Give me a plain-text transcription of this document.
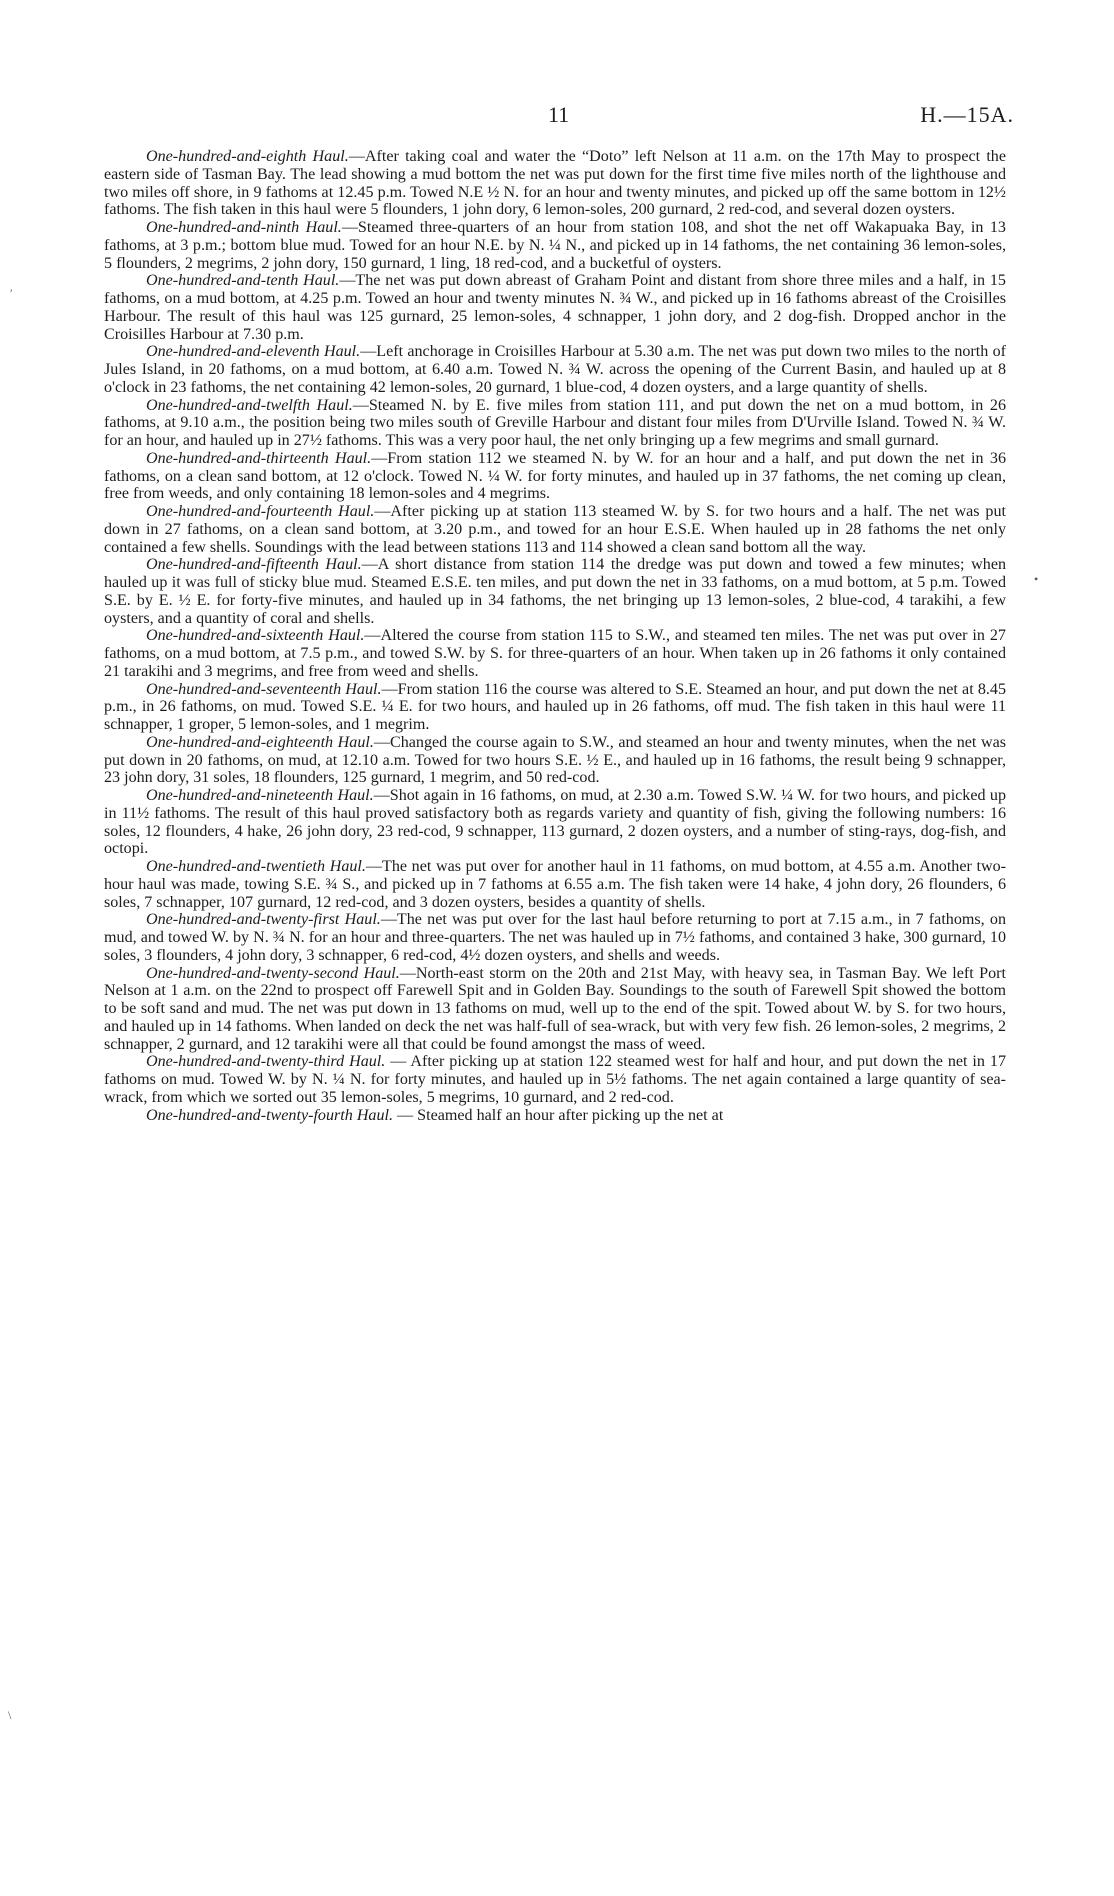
11	H.—15A.
′
•
\

One-hundred-and-eighth Haul.—After taking coal and water the “Doto” left Nelson at 11 a.m. on the 17th May to prospect the eastern side of Tasman Bay. The lead showing a mud bottom the net was put down for the first time five miles north of the lighthouse and two miles off shore, in 9 fathoms at 12.45 p.m. Towed N.E ½ N. for an hour and twenty minutes, and picked up off the same bottom in 12½ fathoms. The fish taken in this haul were 5 flounders, 1 john dory, 6 lemon-soles, 200 gurnard, 2 red-cod, and several dozen oysters.

One-hundred-and-ninth Haul.—Steamed three-quarters of an hour from station 108, and shot the net off Wakapuaka Bay, in 13 fathoms, at 3 p.m.; bottom blue mud. Towed for an hour N.E. by N. ¼ N., and picked up in 14 fathoms, the net containing 36 lemon-soles, 5 flounders, 2 megrims, 2 john dory, 150 gurnard, 1 ling, 18 red-cod, and a bucketful of oysters.

One-hundred-and-tenth Haul.—The net was put down abreast of Graham Point and distant from shore three miles and a half, in 15 fathoms, on a mud bottom, at 4.25 p.m. Towed an hour and twenty minutes N. ¾ W., and picked up in 16 fathoms abreast of the Croisilles Harbour. The result of this haul was 125 gurnard, 25 lemon-soles, 4 schnapper, 1 john dory, and 2 dog-fish. Dropped anchor in the Croisilles Harbour at 7.30 p.m.

One-hundred-and-eleventh Haul.—Left anchorage in Croisilles Harbour at 5.30 a.m. The net was put down two miles to the north of Jules Island, in 20 fathoms, on a mud bottom, at 6.40 a.m. Towed N. ¾ W. across the opening of the Current Basin, and hauled up at 8 o'clock in 23 fathoms, the net containing 42 lemon-soles, 20 gurnard, 1 blue-cod, 4 dozen oysters, and a large quantity of shells.

One-hundred-and-twelfth Haul.—Steamed N. by E. five miles from station 111, and put down the net on a mud bottom, in 26 fathoms, at 9.10 a.m., the position being two miles south of Greville Harbour and distant four miles from D'Urville Island. Towed N. ¾ W. for an hour, and hauled up in 27½ fathoms. This was a very poor haul, the net only bringing up a few megrims and small gurnard.

One-hundred-and-thirteenth Haul.—From station 112 we steamed N. by W. for an hour and a half, and put down the net in 36 fathoms, on a clean sand bottom, at 12 o'clock. Towed N. ¼ W. for forty minutes, and hauled up in 37 fathoms, the net coming up clean, free from weeds, and only containing 18 lemon-soles and 4 megrims.

One-hundred-and-fourteenth Haul.—After picking up at station 113 steamed W. by S. for two hours and a half. The net was put down in 27 fathoms, on a clean sand bottom, at 3.20 p.m., and towed for an hour E.S.E. When hauled up in 28 fathoms the net only contained a few shells. Soundings with the lead between stations 113 and 114 showed a clean sand bottom all the way.

One-hundred-and-fifteenth Haul.—A short distance from station 114 the dredge was put down and towed a few minutes; when hauled up it was full of sticky blue mud. Steamed E.S.E. ten miles, and put down the net in 33 fathoms, on a mud bottom, at 5 p.m. Towed S.E. by E. ½ E. for forty-five minutes, and hauled up in 34 fathoms, the net bringing up 13 lemon-soles, 2 blue-cod, 4 tarakihi, a few oysters, and a quantity of coral and shells.

One-hundred-and-sixteenth Haul.—Altered the course from station 115 to S.W., and steamed ten miles. The net was put over in 27 fathoms, on a mud bottom, at 7.5 p.m., and towed S.W. by S. for three-quarters of an hour. When taken up in 26 fathoms it only contained 21 tarakihi and 3 megrims, and free from weed and shells.

One-hundred-and-seventeenth Haul.—From station 116 the course was altered to S.E. Steamed an hour, and put down the net at 8.45 p.m., in 26 fathoms, on mud. Towed S.E. ¼ E. for two hours, and hauled up in 26 fathoms, off mud. The fish taken in this haul were 11 schnapper, 1 groper, 5 lemon-soles, and 1 megrim.

One-hundred-and-eighteenth Haul.—Changed the course again to S.W., and steamed an hour and twenty minutes, when the net was put down in 20 fathoms, on mud, at 12.10 a.m. Towed for two hours S.E. ½ E., and hauled up in 16 fathoms, the result being 9 schnapper, 23 john dory, 31 soles, 18 flounders, 125 gurnard, 1 megrim, and 50 red-cod.

One-hundred-and-nineteenth Haul.—Shot again in 16 fathoms, on mud, at 2.30 a.m. Towed S.W. ¼ W. for two hours, and picked up in 11½ fathoms. The result of this haul proved satisfactory both as regards variety and quantity of fish, giving the following numbers: 16 soles, 12 flounders, 4 hake, 26 john dory, 23 red-cod, 9 schnapper, 113 gurnard, 2 dozen oysters, and a number of sting-rays, dog-fish, and octopi.

One-hundred-and-twentieth Haul.—The net was put over for another haul in 11 fathoms, on mud bottom, at 4.55 a.m. Another two-hour haul was made, towing S.E. ¾ S., and picked up in 7 fathoms at 6.55 a.m. The fish taken were 14 hake, 4 john dory, 26 flounders, 6 soles, 7 schnapper, 107 gurnard, 12 red-cod, and 3 dozen oysters, besides a quantity of shells.

One-hundred-and-twenty-first Haul.—The net was put over for the last haul before returning to port at 7.15 a.m., in 7 fathoms, on mud, and towed W. by N. ¾ N. for an hour and three-quarters. The net was hauled up in 7½ fathoms, and contained 3 hake, 300 gurnard, 10 soles, 3 flounders, 4 john dory, 3 schnapper, 6 red-cod, 4½ dozen oysters, and shells and weeds.

One-hundred-and-twenty-second Haul.—North-east storm on the 20th and 21st May, with heavy sea, in Tasman Bay. We left Port Nelson at 1 a.m. on the 22nd to prospect off Farewell Spit and in Golden Bay. Soundings to the south of Farewell Spit showed the bottom to be soft sand and mud. The net was put down in 13 fathoms on mud, well up to the end of the spit. Towed about W. by S. for two hours, and hauled up in 14 fathoms. When landed on deck the net was half-full of sea-wrack, but with very few fish. 26 lemon-soles, 2 megrims, 2 schnapper, 2 gurnard, and 12 tarakihi were all that could be found amongst the mass of weed.

One-hundred-and-twenty-third Haul. — After picking up at station 122 steamed west for half and hour, and put down the net in 17 fathoms on mud. Towed W. by N. ¼ N. for forty minutes, and hauled up in 5½ fathoms. The net again contained a large quantity of sea-wrack, from which we sorted out 35 lemon-soles, 5 megrims, 10 gurnard, and 2 red-cod.

One-hundred-and-twenty-fourth Haul. — Steamed half an hour after picking up the net at
